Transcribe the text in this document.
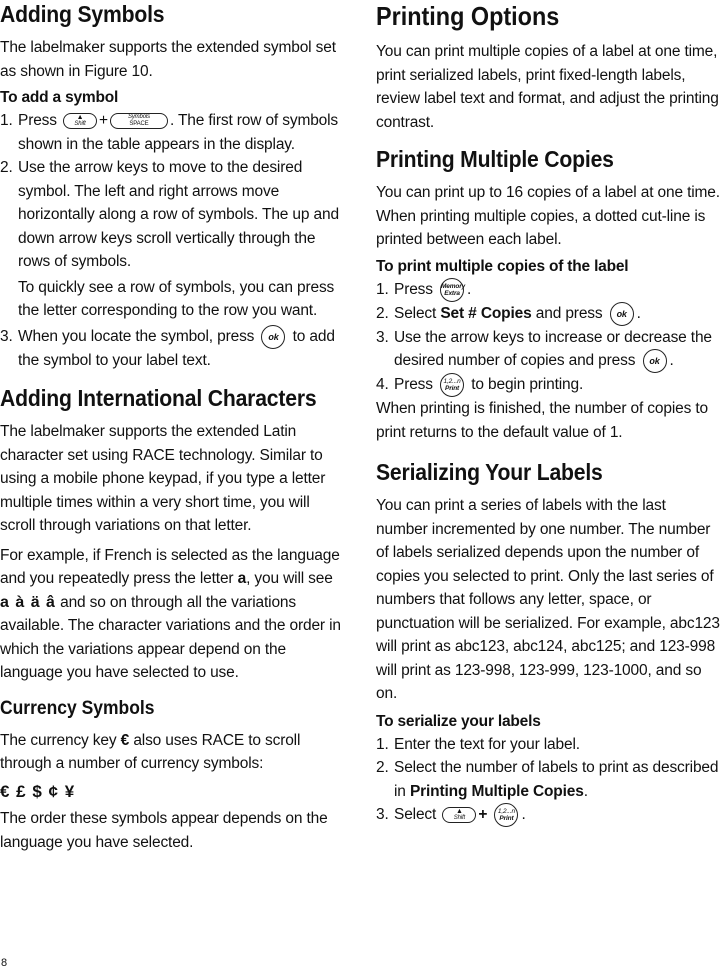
Adding Symbols

The labelmaker supports the extended symbol set as shown in Figure 10.

To add a symbol

1. Press	▲
Shift +	Symbols
SPACE	. The first row of symbols shown in the table appears in the display.
2. Use the arrow keys to move to the desired symbol. The left and right arrows move horizontally along a row of symbols. The up and down arrow keys scroll vertically through the rows of symbols.
To quickly see a row of symbols, you can press the letter corresponding to the row you want.
3. When you locate the symbol, press ok to add the symbol to your label text.
Adding International Characters

The labelmaker supports the extended Latin character set using RACE technology. Similar to using a mobile phone keypad, if you type a letter multiple times within a very short time, you will scroll through variations on that letter.

For example, if French is selected as the language and you repeatedly press the letter a, you will see a à ä â and so on through all the variations available. The character variations and the order in which the variations appear depend on the language you have selected to use.

Currency Symbols

The currency key € also uses RACE to scroll through a number of currency symbols:

€ £ $ ¢ ¥

The order these symbols appear depends on the language you have selected.

Printing Options

You can print multiple copies of a label at one time, print serialized labels, print fixed-length labels, review label text and format, and adjust the printing contrast.

Printing Multiple Copies

You can print up to 16 copies of a label at one time. When printing multiple copies, a dotted cut-line is printed between each label.

To print multiple copies of the label

1. Press Memory
Extra .
2. Select Set # Copies and press ok .
3. Use the arrow keys to increase or decrease the desired number of copies and press ok .
4. Press	1,2...n
Print to begin printing.

When printing is finished, the number of copies to print returns to the default value of 1.

Serializing Your Labels

You can print a series of labels with the last number incremented by one number. The number of labels serialized depends upon the number of copies you selected to print. Only the last series of numbers that follows any letter, space, or punctuation will be serialized. For example, abc123 will print as abc123, abc124, abc125; and 123-998 will print as 123-998, 123-999, 123-1000, and so on.

To serialize your labels

1. Enter the text for your label.
2. Select the number of labels to print as described in Printing Multiple Copies.
3. Select	▲
Shift +	1,2...n
Print .
8
